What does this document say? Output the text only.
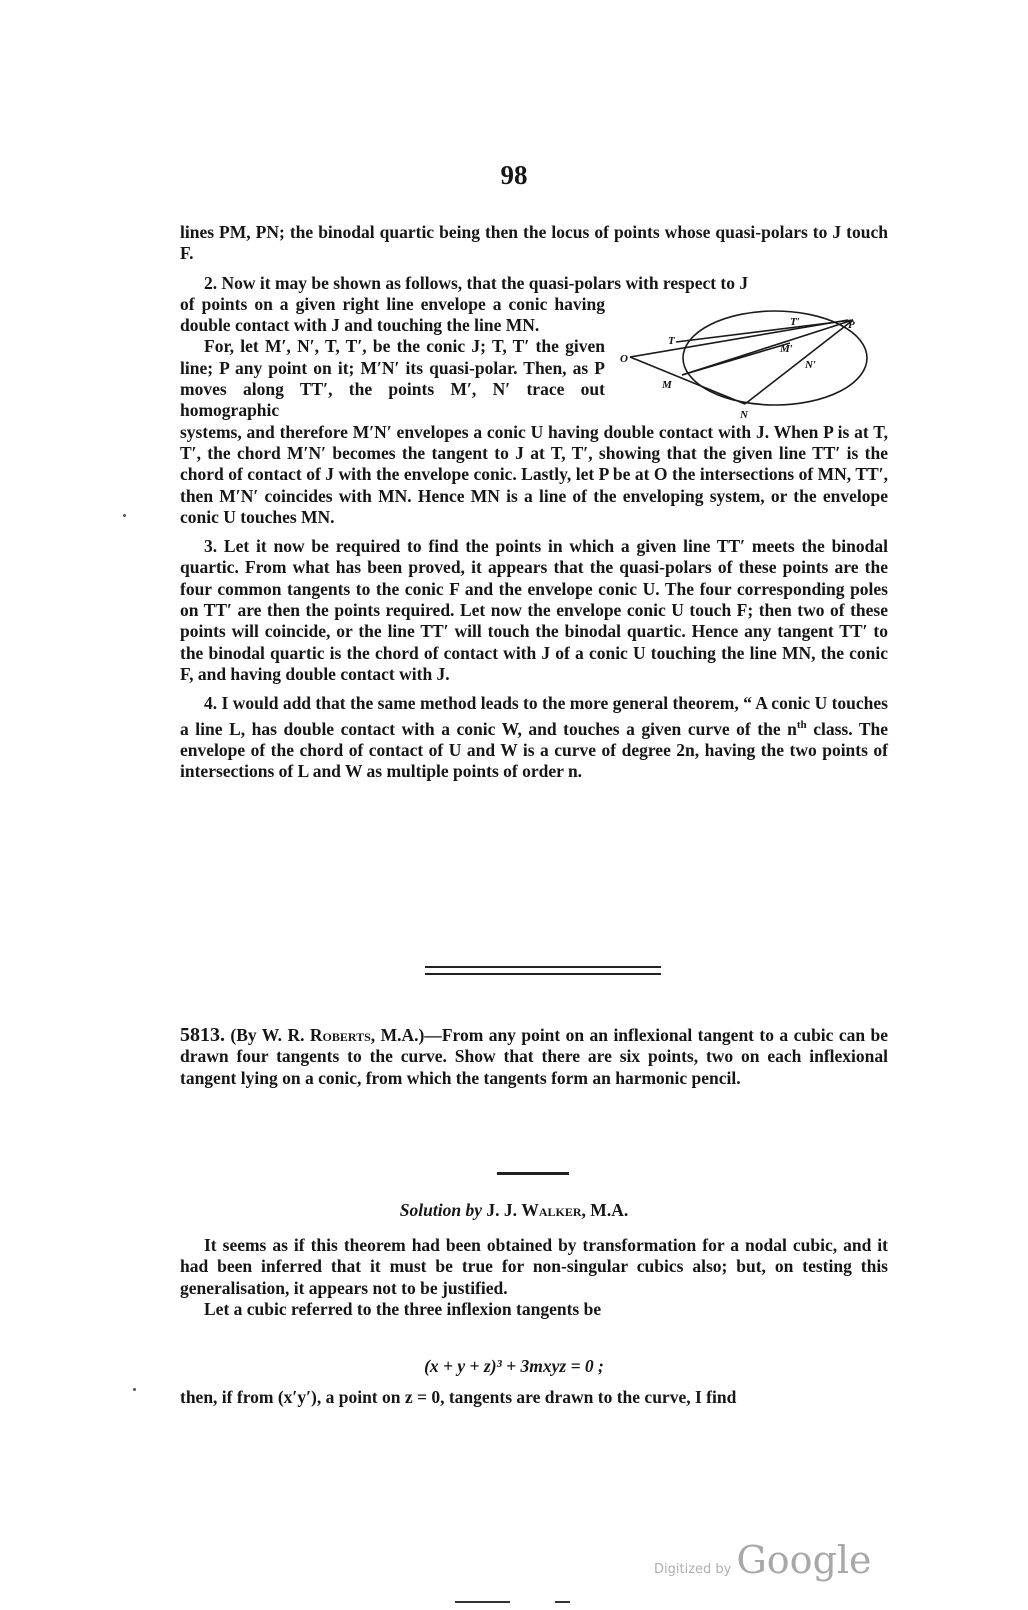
98

lines PM, PN; the binodal quartic being then the locus of points whose quasi-polars to J touch F.

2. Now it may be shown as follows, that the quasi-polars with respect to J

of points on a given right line envelope a conic having double contact with J and touching the line MN.
For, let M′, N′, T, T′, be the conic J; T, T′ the given line; P any point on it; M′N′ its quasi-polar. Then, as P moves along TT′, the points M′, N′ trace out homographic

systems, and therefore M′N′ envelopes a conic U having double contact with J. When P is at T, T′, the chord M′N′ becomes the tangent to J at T, T′, showing that the given line TT′ is the chord of contact of J with the envelope conic. Lastly, let P be at O the intersections of MN, TT′, then M′N′ coincides with MN. Hence MN is a line of the enveloping system, or the envelope conic U touches MN.

3. Let it now be required to find the points in which a given line TT′ meets the binodal quartic. From what has been proved, it appears that the quasi-polars of these points are the four common tangents to the conic F and the envelope conic U. The four corresponding poles on TT′ are then the points required. Let now the envelope conic U touch F; then two of these points will coincide, or the line TT′ will touch the binodal quartic. Hence any tangent TT′ to the binodal quartic is the chord of contact with J of a conic U touching the line MN, the conic F, and having double contact with J.

4. I would add that the same method leads to the more general theorem, “ A conic U touches a line L, has double contact with a conic W, and touches a given curve of the $n^{th}$ class. The envelope of the chord of contact of U and W is a curve of degree 2n, having the two points of intersections of L and W as multiple points of order n.

O
T
T′	P
M
M′
N′
N

5813. (By W. R. Roberts, M.A.)—From any point on an inflexional tangent to a cubic can be drawn four tangents to the curve. Show that there are six points, two on each inflexional tangent lying on a conic, from which the tangents form an harmonic pencil.

Solution by J. J. Walker, M.A.

It seems as if this theorem had been obtained by transformation for a nodal cubic, and it had been inferred that it must be true for non-singular cubics also; but, on testing this generalisation, it appears not to be justified.

Let a cubic referred to the three inflexion tangents be

(x + y + z)³ + 3mxyz = 0 ;

then, if from (x′y′), a point on z = 0, tangents are drawn to the curve, I find

Digitized by Google
